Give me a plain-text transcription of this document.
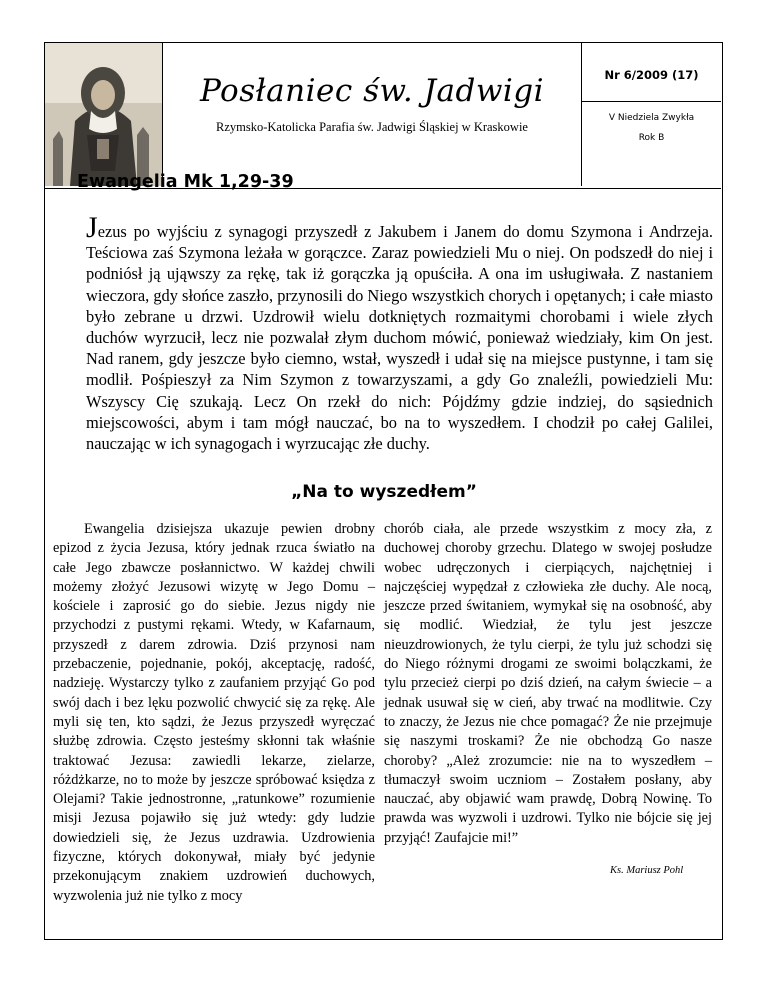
Posłaniec św. Jadwigi
Rzymsko-Katolicka Parafia św. Jadwigi Śląskiej w Kraskowie
Nr 6/2009 (17)
V Niedziela Zwykła
Rok B
Ewangelia Mk 1,29-39

Jezus po wyjściu z synagogi przyszedł z Jakubem i Janem do domu Szymona i Andrzeja. Teściowa zaś Szymona leżała w gorączce. Zaraz powiedzieli Mu o niej. On podszedł do niej i podniósł ją ująwszy za rękę, tak iż gorączka ją opuściła. A ona im usługiwała. Z nastaniem wieczora, gdy słońce zaszło, przynosili do Niego wszystkich chorych i opętanych; i całe miasto było zebrane u drzwi. Uzdrowił wielu dotkniętych rozmaitymi chorobami i wiele złych duchów wyrzucił, lecz nie pozwalał złym duchom mówić, ponieważ wiedziały, kim On jest. Nad ranem, gdy jeszcze było ciemno, wstał, wyszedł i udał się na miejsce pustynne, i tam się modlił. Pośpieszył za Nim Szymon z towarzyszami, a gdy Go znaleźli, powiedzieli Mu: Wszyscy Cię szukają. Lecz On rzekł do nich: Pójdźmy gdzie indziej, do sąsiednich miejscowości, abym i tam mógł nauczać, bo na to wyszedłem. I chodził po całej Galilei, nauczając w ich synagogach i wyrzucając złe duchy.

„Na to wyszedłem”

Ewangelia dzisiejsza ukazuje pewien drobny epizod z życia Jezusa, który jednak rzuca światło na całe Jego zbawcze posłannictwo. W każdej chwili możemy złożyć Jezusowi wizytę w Jego Domu – kościele i zaprosić go do siebie. Jezus nigdy nie przychodzi z pustymi rękami. Wtedy, w Kafarnaum, przyszedł z darem zdrowia. Dziś przynosi nam przebaczenie, pojednanie, pokój, akceptację, radość, nadzieję. Wystarczy tylko z zaufaniem przyjąć Go pod swój dach i bez lęku pozwolić chwycić się za rękę. Ale myli się ten, kto sądzi, że Jezus przyszedł wyręczać służbę zdrowia. Często jesteśmy skłonni tak właśnie traktować Jezusa: zawiedli lekarze, zielarze, różdżkarze, no to może by jeszcze spróbować księdza z Olejami? Takie jednostronne, „ratunkowe” rozumienie misji Jezusa pojawiło się już wtedy: gdy ludzie dowiedzieli się, że Jezus uzdrawia. Uzdrowienia fizyczne, których dokonywał, miały być jedynie przekonującym znakiem uzdrowień duchowych, wyzwolenia już nie tylko z mocy

chorób ciała, ale przede wszystkim z mocy zła, z duchowej choroby grzechu. Dlatego w swojej posłudze wobec udręczonych i cierpiących, najchętniej i najczęściej wypędzał z człowieka złe duchy. Ale nocą, jeszcze przed świtaniem, wymykał się na osobność, aby się modlić. Wiedział, że tylu jest jeszcze nieuzdrowionych, że tylu cierpi, że tylu już schodzi się do Niego różnymi drogami ze swoimi bolączkami, że tylu przecież cierpi po dziś dzień, na całym świecie – a jednak usuwał się w cień, aby trwać na modlitwie. Czy to znaczy, że Jezus nie chce pomagać? Że nie przejmuje się naszymi troskami? Że nie obchodzą Go nasze choroby? „Ależ zrozumcie: nie na to wyszedłem – tłumaczył swoim uczniom – Zostałem posłany, aby nauczać, aby objawić wam prawdę, Dobrą Nowinę. To prawda was wyzwoli i uzdrowi. Tylko nie bójcie się jej przyjąć! Zaufajcie mi!”

Ks. Mariusz Pohl
